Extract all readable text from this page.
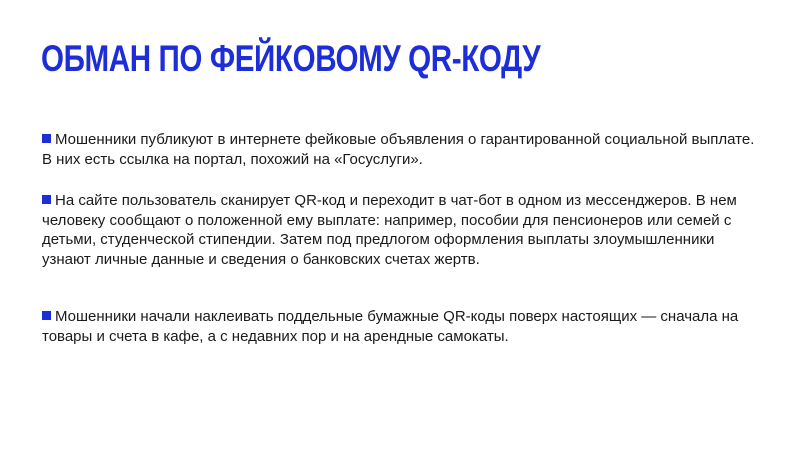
ОБМАН ПО ФЕЙКОВОМУ QR-КОДУ

Мошенники публикуют в интернете фейковые объявления о гарантированной социальной выплате. В них есть ссылка на портал, похожий на «Госуслуги».

На сайте пользователь сканирует QR-код и переходит в чат-бот в одном из мессенджеров. В нем человеку сообщают о положенной ему выплате: например, пособии для пенсионеров или семей с детьми, студенческой стипендии. Затем под предлогом оформления выплаты злоумышленники узнают личные данные и сведения о банковских счетах жертв.

Мошенники начали наклеивать поддельные бумажные QR-коды поверх настоящих — сначала на товары и счета в кафе, а с недавних пор и на арендные самокаты.
